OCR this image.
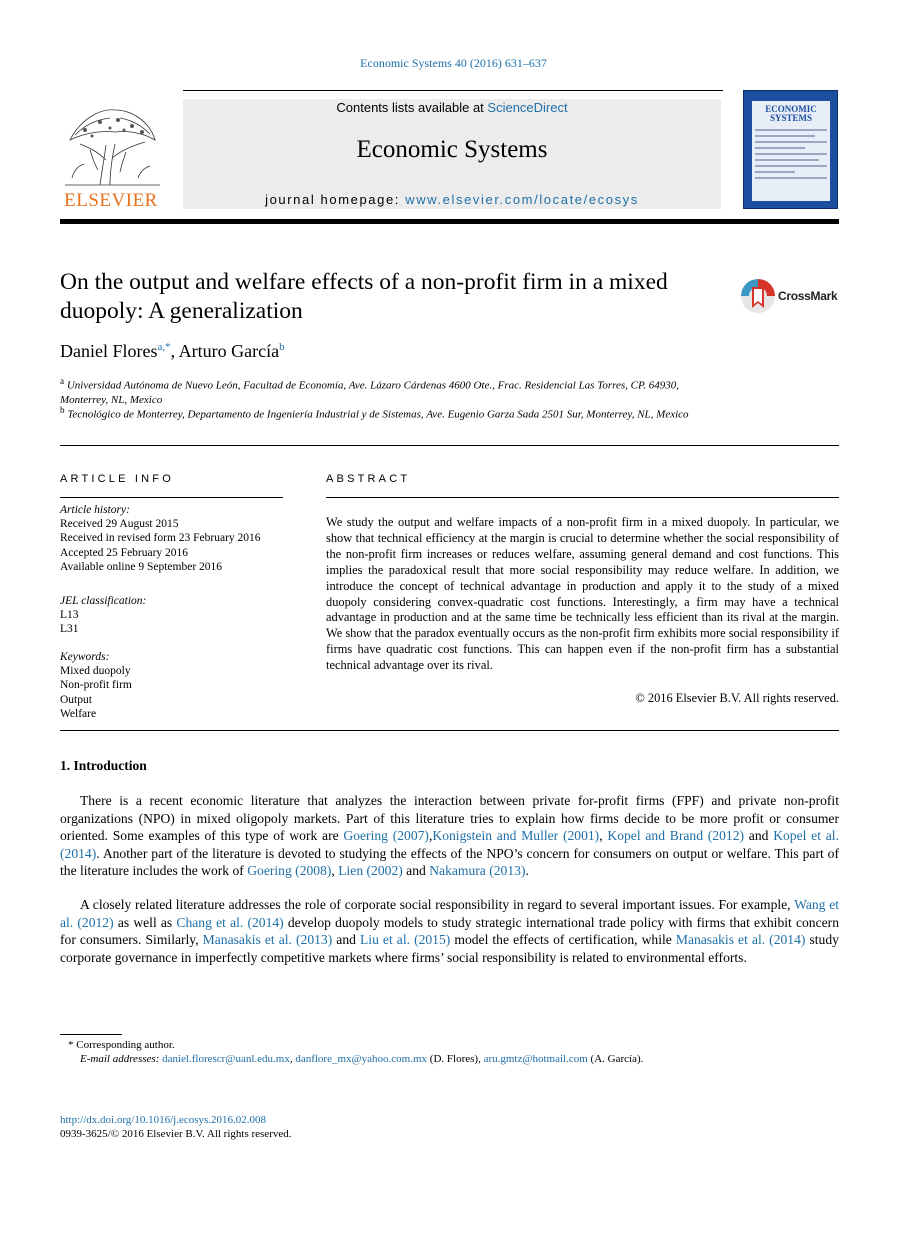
Economic Systems 40 (2016) 631–637
ELSEVIER
Contents lists available at ScienceDirect
Economic Systems
journal homepage: www.elsevier.com/locate/ecosys
ECONOMIC SYSTEMS
On the output and welfare effects of a non-profit firm in a mixed duopoly: A generalization
CrossMark
Daniel Flores$^{a,*}$, Arturo García$^b$
$^a$ Universidad Autónoma de Nuevo León, Facultad de Economía, Ave. Lázaro Cárdenas 4600 Ote., Frac. Residencial Las Torres, CP. 64930, Monterrey, NL, Mexico
$^b$ Tecnológico de Monterrey, Departamento de Ingeniería Industrial y de Sistemas, Ave. Eugenio Garza Sada 2501 Sur, Monterrey, NL, Mexico
ARTICLE INFO
Article history:
Received 29 August 2015
Received in revised form 23 February 2016
Accepted 25 February 2016
Available online 9 September 2016
JEL classification:
L13
L31
Keywords:
Mixed duopoly
Non-profit firm
Output
Welfare
ABSTRACT
We study the output and welfare impacts of a non-profit firm in a mixed duopoly. In particular, we show that technical efficiency at the margin is crucial to determine whether the social responsibility of the non-profit firm increases or reduces welfare, assuming general demand and cost functions. This implies the paradoxical result that more social responsibility may reduce welfare. In addition, we introduce the concept of technical advantage in production and apply it to the study of a mixed duopoly considering convex-quadratic cost functions. Interestingly, a firm may have a technical advantage in production and at the same time be technically less efficient than its rival at the margin. We show that the paradox eventually occurs as the non-profit firm exhibits more social responsibility if firms have quadratic cost functions. This can happen even if the non-profit firm has a substantial technical advantage over its rival.
© 2016 Elsevier B.V. All rights reserved.
1. Introduction
There is a recent economic literature that analyzes the interaction between private for-profit firms (FPF) and private non-profit organizations (NPO) in mixed oligopoly markets. Part of this literature tries to explain how firms decide to be more profit or consumer oriented. Some examples of this type of work are Goering (2007),Konigstein and Muller (2001), Kopel and Brand (2012) and Kopel et al. (2014). Another part of the literature is devoted to studying the effects of the NPO’s concern for consumers on output or welfare. This part of the literature includes the work of Goering (2008), Lien (2002) and Nakamura (2013).
A closely related literature addresses the role of corporate social responsibility in regard to several important issues. For example, Wang et al. (2012) as well as Chang et al. (2014) develop duopoly models to study strategic international trade policy with firms that exhibit concern for consumers. Similarly, Manasakis et al. (2013) and Liu et al. (2015) model the effects of certification, while Manasakis et al. (2014) study corporate governance in imperfectly competitive markets where firms’ social responsibility is related to environmental efforts.
* Corresponding author.
E-mail addresses: daniel.florescr@uanl.edu.mx, danflore_mx@yahoo.com.mx (D. Flores), aru.gmtz@hotmail.com (A. García).
http://dx.doi.org/10.1016/j.ecosys.2016.02.008
0939-3625/© 2016 Elsevier B.V. All rights reserved.
